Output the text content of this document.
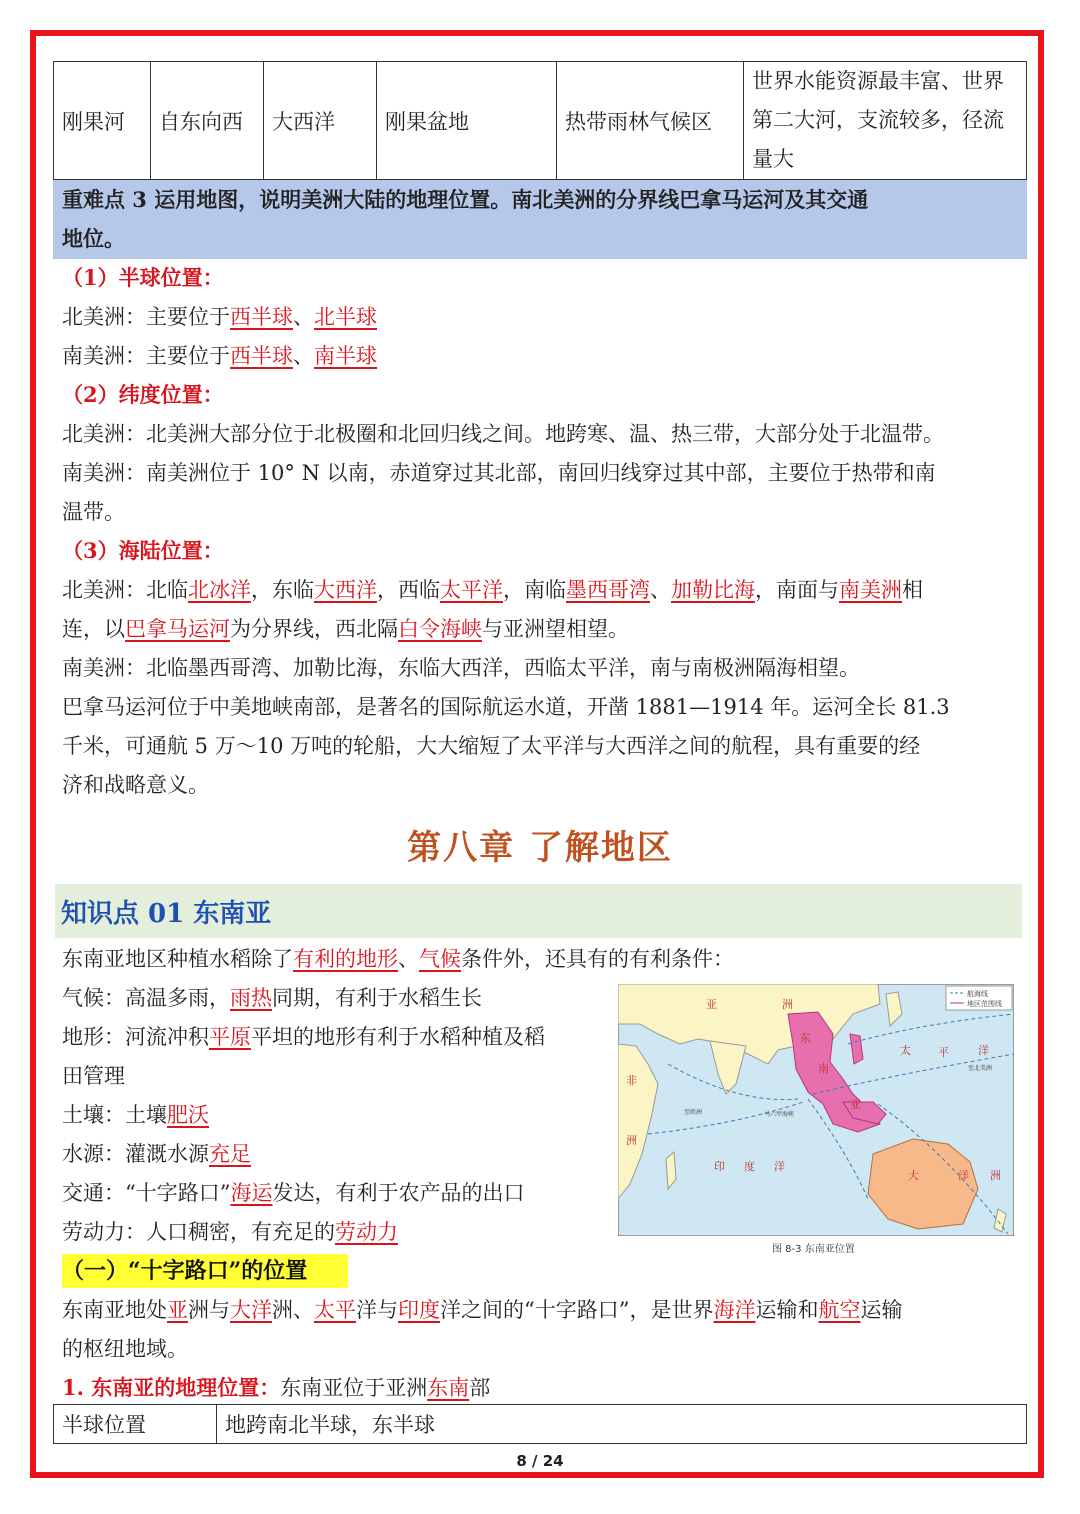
刚果河	自东向西	大西洋	刚果盆地	热带雨林气候区	世界水能资源最丰富、世界第二大河，支流较多，径流量大
重难点 3 运用地图，说明美洲大陆的地理位置。南北美洲的分界线巴拿马运河及其交通
地位。
（1）半球位置：
北美洲：主要位于西半球、北半球
南美洲：主要位于西半球、南半球
（2）纬度位置：
北美洲：北美洲大部分位于北极圈和北回归线之间。地跨寒、温、热三带，大部分处于北温带。
南美洲：南美洲位于 10° N 以南，赤道穿过其北部，南回归线穿过其中部，主要位于热带和南
温带。
（3）海陆位置：
北美洲：北临北冰洋，东临大西洋，西临太平洋，南临墨西哥湾、加勒比海，南面与南美洲相
连，以巴拿马运河为分界线，西北隔白令海峡与亚洲望相望。
南美洲：北临墨西哥湾、加勒比海，东临大西洋，西临太平洋，南与南极洲隔海相望。
巴拿马运河位于中美地峡南部，是著名的国际航运水道，开凿 1881—1914 年。运河全长 81.3
千米，可通航 5 万～10 万吨的轮船，大大缩短了太平洋与大西洋之间的航程，具有重要的经
济和战略意义。
第八章 了解地区
知识点 01 东南亚
东南亚地区种植水稻除了有利的地形、气候条件外，还具有的有利条件：
气候：高温多雨，雨热同期，有利于水稻生长
地形：河流冲积平原平坦的地形有利于水稻种植及稻
田管理
土壤：土壤肥沃
水源：灌溉水源充足
交通：“十字路口”海运发达，有利于农产品的出口
劳动力：人口稠密，有充足的劳动力
航海线
地区范围线
亚	洲
东
南
亚
太 平	洋
非
洲
印 度 洋
大	洋 洲
至北美洲
至欧洲	马六甲海峡
图 8-3 东南亚位置
（一）“十字路口”的位置
东南亚地处亚洲与大洋洲、太平洋与印度洋之间的“十字路口”，是世界海洋运输和航空运输
的枢纽地域。
1. 东南亚的地理位置：东南亚位于亚洲东南部
半球位置	地跨南北半球，东半球
8 / 24
